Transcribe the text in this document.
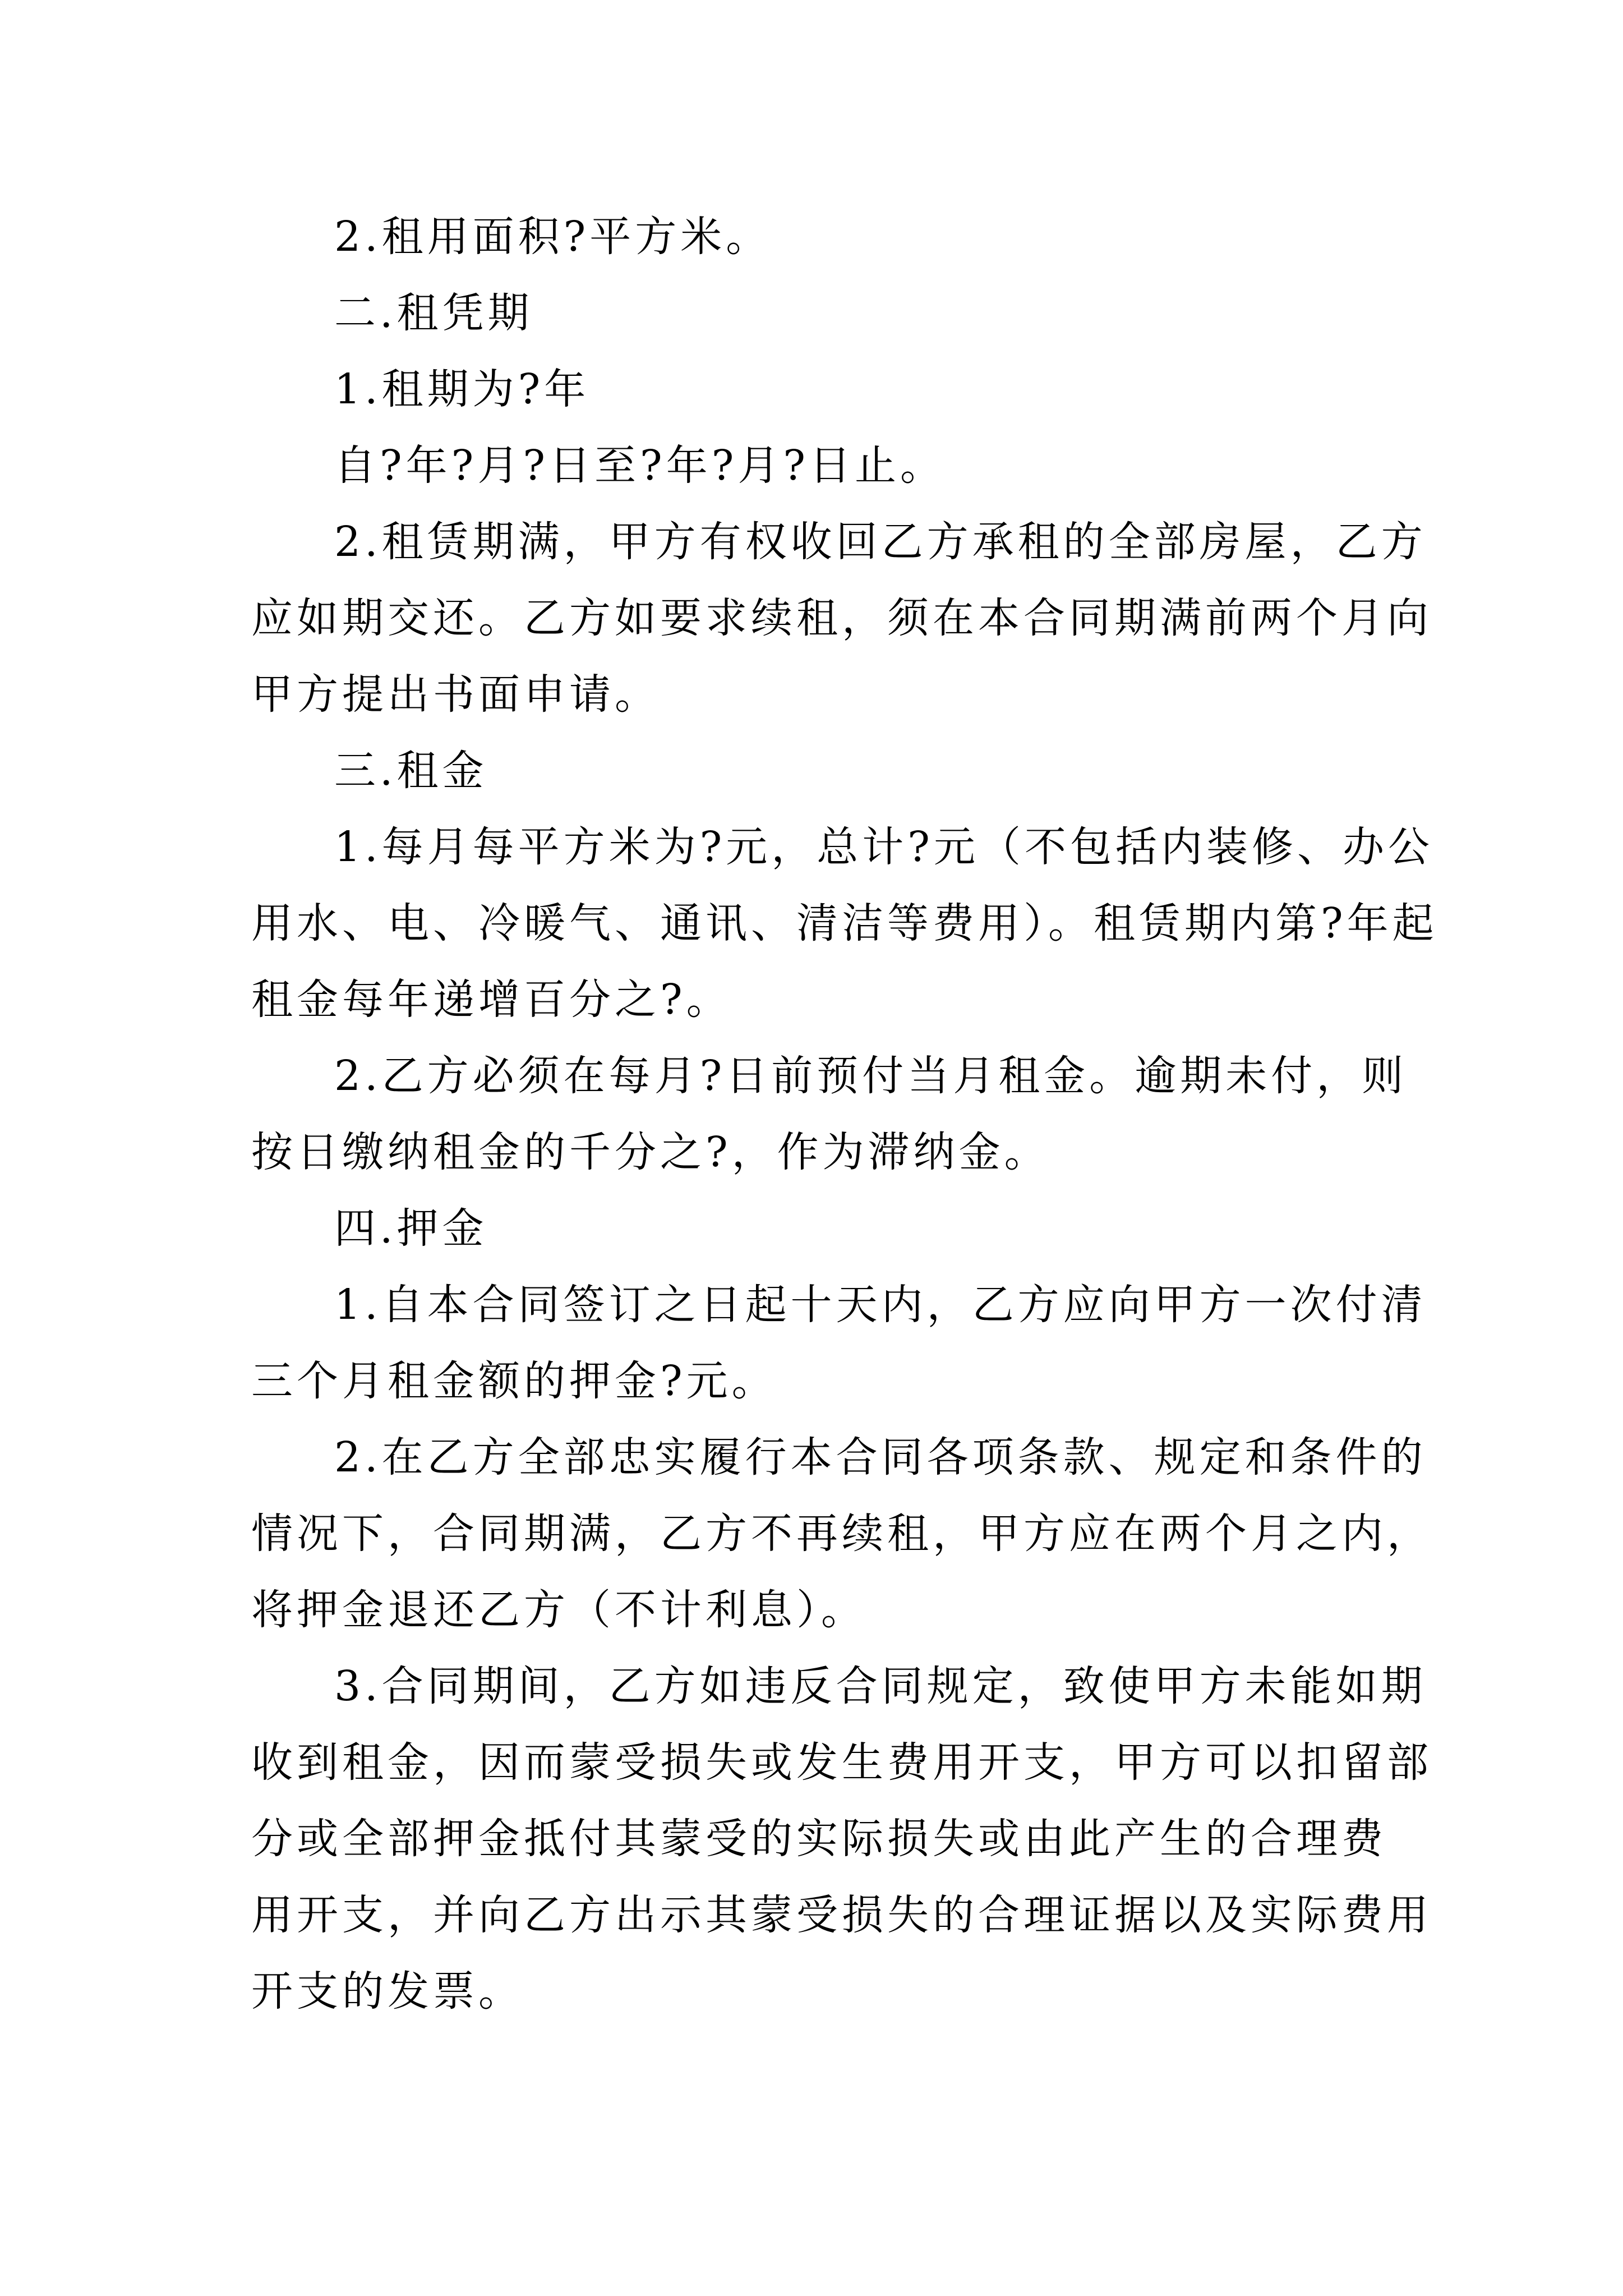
2.租用面积?平方米。
二.租凭期
1.租期为?年
自?年?月?日至?年?月?日止。
2.租赁期满，甲方有权收回乙方承租的全部房屋，乙方
应如期交还。乙方如要求续租，须在本合同期满前两个月向
甲方提出书面申请。
三.租金
1.每月每平方米为?元，总计?元（不包括内装修、办公
用水、电、冷暖气、通讯、清洁等费用）。租赁期内第?年起
租金每年递增百分之?。
2.乙方必须在每月?日前预付当月租金。逾期未付，则
按日缴纳租金的千分之?，作为滞纳金。
四.押金
1.自本合同签订之日起十天内，乙方应向甲方一次付清
三个月租金额的押金?元。
2.在乙方全部忠实履行本合同各项条款、规定和条件的
情况下，合同期满，乙方不再续租，甲方应在两个月之内，
将押金退还乙方（不计利息）。
3.合同期间，乙方如违反合同规定，致使甲方未能如期
收到租金，因而蒙受损失或发生费用开支，甲方可以扣留部
分或全部押金抵付其蒙受的实际损失或由此产生的合理费
用开支，并向乙方出示其蒙受损失的合理证据以及实际费用
开支的发票。
